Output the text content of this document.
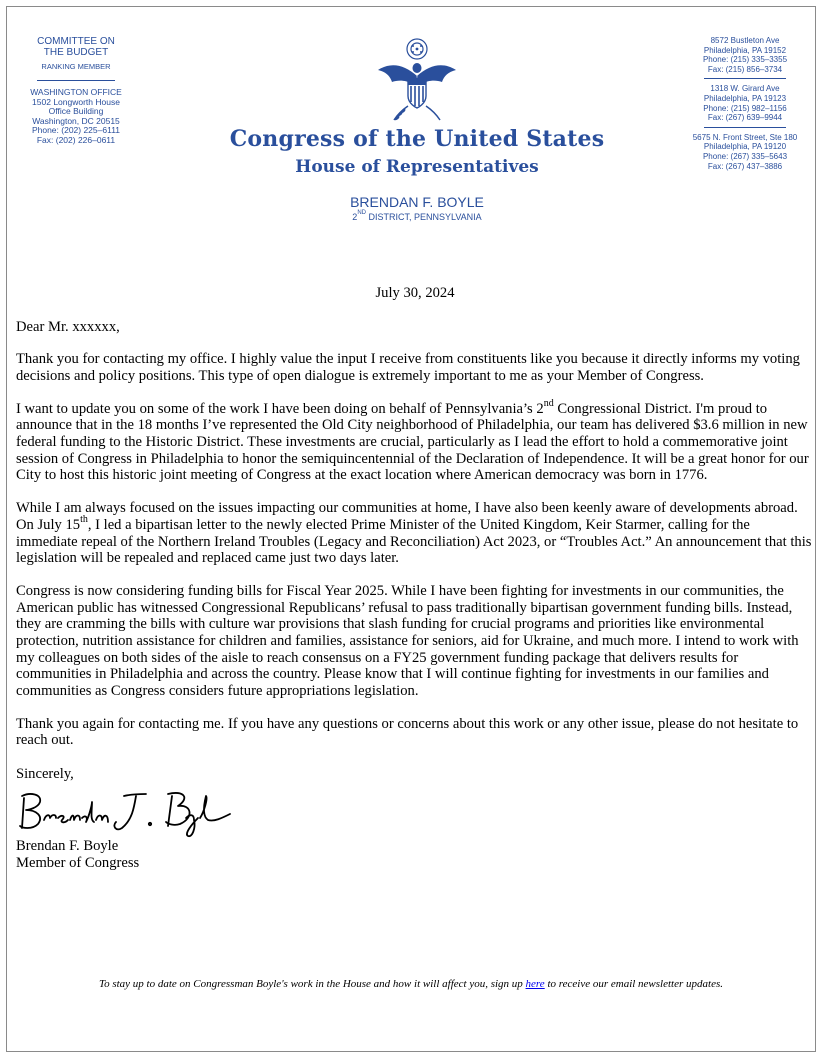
COMMITTEE ON
THE BUDGET
RANKING MEMBER
WASHINGTON OFFICE
1502 Longworth House
Office Building
Washington, DC 20515
Phone: (202) 225–6111
Fax: (202) 226–0611	Congress of the United States
House of Representatives
BRENDAN F. BOYLE
2ND DISTRICT, PENNSYLVANIA
8572 Bustleton Ave
Philadelphia, PA 19152
Phone: (215) 335–3355
Fax: (215) 856–3734
1318 W. Girard Ave
Philadelphia, PA 19123
Phone: (215) 982–1156
Fax: (267) 639–9944
5675 N. Front Street, Ste 180
Philadelphia, PA 19120
Phone: (267) 335–5643
Fax: (267) 437–3886
July 30, 2024

Dear Mr. xxxxxx,

Thank you for contacting my office. I highly value the input I receive from constituents like you because it directly informs my voting decisions and policy positions. This type of open dialogue is extremely important to me as your Member of Congress.

I want to update you on some of the work I have been doing on behalf of Pennsylvania’s 2nd Congressional District. I'm proud to announce that in the 18 months I’ve represented the Old City neighborhood of Philadelphia, our team has delivered $3.6 million in new federal funding to the Historic District. These investments are crucial, particularly as I lead the effort to hold a commemorative joint session of Congress in Philadelphia to honor the semiquincentennial of the Declaration of Independence. It will be a great honor for our City to host this historic joint meeting of Congress at the exact location where American democracy was born in 1776.

While I am always focused on the issues impacting our communities at home, I have also been keenly aware of developments abroad. On July 15th, I led a bipartisan letter to the newly elected Prime Minister of the United Kingdom, Keir Starmer, calling for the immediate repeal of the Northern Ireland Troubles (Legacy and Reconciliation) Act 2023, or “Troubles Act.” An announcement that this legislation will be repealed and replaced came just two days later.

Congress is now considering funding bills for Fiscal Year 2025. While I have been fighting for investments in our communities, the American public has witnessed Congressional Republicans’ refusal to pass traditionally bipartisan government funding bills. Instead, they are cramming the bills with culture war provisions that slash funding for crucial programs and priorities like environmental protection, nutrition assistance for children and families, assistance for seniors, aid for Ukraine, and much more. I intend to work with my colleagues on both sides of the aisle to reach consensus on a FY25 government funding package that delivers results for communities in Philadelphia and across the country. Please know that I will continue fighting for investments in our families and communities as Congress considers future appropriations legislation.

Thank you again for contacting me. If you have any questions or concerns about this work or any other issue, please do not hesitate to reach out.

Sincerely,

Brendan F. Boyle

Member of Congress

To stay up to date on Congressman Boyle's work in the House and how it will affect you, sign up here to receive our email newsletter updates.
